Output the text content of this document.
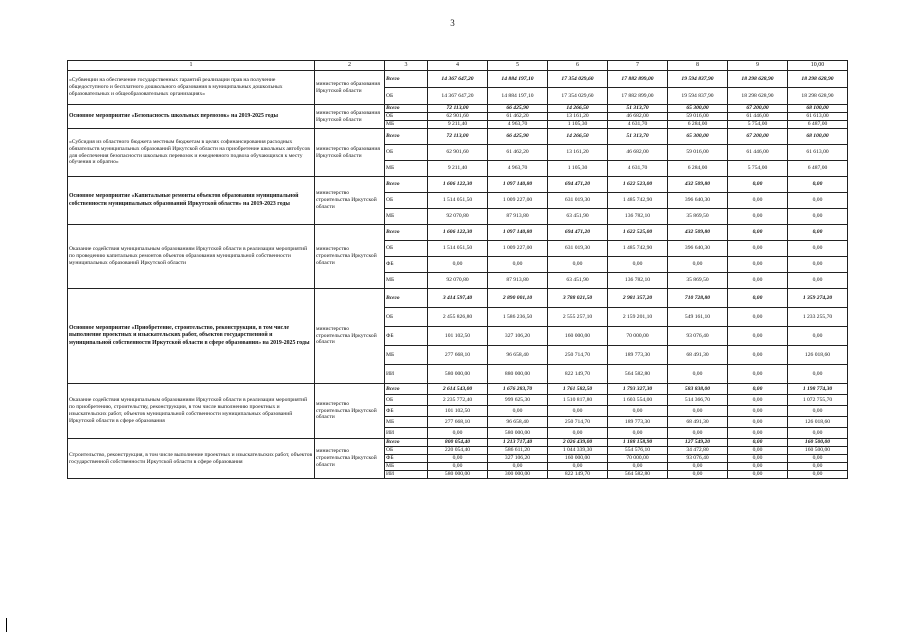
3
1	2	3	4	5	6	7	8	9	10,00
«Субвенции на обеспечение государственных гарантий реализации прав на получение общедоступного и бесплатного дошкольного образования в муниципальных дошкольных образовательных и общеобразовательных организациях»	министерство образования Иркутской области	Всего	14 367 647,20	14 884 197,10	17 354 029,60	17 882 899,00	19 594 837,90	18 298 628,90	18 298 628,90
		ОБ	14 367 647,20	14 884 197,10	17 354 029,60	17 882 899,00	19 594 837,90	18 298 628,90	18 298 628,90
Основное мероприятие «Безопасность школьных перевозок» на 2019-2025 годы	министерство образования Иркутской области	Всего	72 113,00	66 425,90	14 266,50	51 313,70	65 300,00	67 200,00	68 100,00
		ОБ	62 901,60	61 462,20	13 161,20	46 682,00	59 016,00	61 446,00	61 613,00
		МБ	9 211,40	4 963,70	1 105,30	4 631,70	6 284,00	5 754,00	6 487,00
«Субсидия из областного бюджета местным бюджетам в целях софинансирования расходных обязательств муниципальных образований Иркутской области на приобретение школьных автобусов для обеспечения безопасности школьных перевозок и ежедневного подвоза обучающихся к месту обучения и обратно»	министерство образования Иркутской области	Всего	72 113,00	66 425,90	14 266,50	51 313,70	65 300,00	67 200,00	68 100,00
		ОБ	62 901,60	61 462,20	13 161,20	46 682,00	59 016,00	61 446,00	61 613,00
		МБ	9 211,40	4 963,70	1 105,30	4 631,70	6 284,00	5 754,00	6 487,00
Основное мероприятие «Капитальные ремонты объектов образования муниципальной собственности муниципальных образований Иркутской области» на 2019-2023 годы	министерство строительства Иркутской области	Всего	1 606 122,30	1 097 140,80	694 471,20	1 622 523,00	432 509,80	0,00	0,00
		ОБ	1 514 051,50	1 009 227,00	631 019,30	1 485 742,90	396 640,30	0,00	0,00
		МБ	92 070,80	87 913,80	63 451,90	136 782,10	35 869,50	0,00	0,00
Оказание содействия муниципальным образованиям Иркутской области в реализации мероприятий по проведению капитальных ремонтов объектов образования муниципальной собственности муниципальных образований Иркутской области	министерство строительства Иркутской области	Всего	1 606 122,30	1 097 140,80	694 471,20	1 622 525,00	432 509,80	0,00	0,00
		ОБ	1 514 051,50	1 009 227,00	631 019,30	1 485 742,90	396 640,30	0,00	0,00
		ФБ	0,00	0,00	0,00	0,00	0,00	0,00	0,00
		МБ	92 070,80	87 913,80	63 451,90	136 782,10	35 869,50	0,00	0,00
Основное мероприятие «Приобретение, строительство, реконструкция, в том числе выполнение проектных и изыскательских работ, объектов государственной и муниципальной собственности Иркутской области в сфере образования» на 2019-2025 годы	министерство строительства Иркутской области	Всего	3 414 597,40	2 890 001,10	3 788 021,50	2 981 357,20	710 728,80	0,00	1 359 274,20
		ОБ	2 455 826,80	1 586 236,50	2 555 257,10	2 159 201,10	549 161,10	0,00	1 233 255,70
		ФБ	101 102,50	327 106,20	160 000,00	70 000,00	93 076,40	0,00	0,00
		МБ	277 668,10	96 658,40	250 714,70	189 773,30	68 491,30	0,00	126 018,60
		ИИ	580 000,00	880 000,00	822 149,70	564 582,80	0,00	0,00	0,00
Оказание содействия муниципальным образованиям Иркутской области в реализации мероприятий по приобретению, строительству, реконструкции, в том числе выполнению проектных и изыскательских работ, объектов муниципальной собственности муниципальных образований Иркутской области в сфере образования	министерство строительства Иркутской области	Всего	2 614 543,00	1 676 283,70	1 761 582,50	1 793 327,30	583 838,00	0,00	1 198 774,30
		ОБ	2 235 772,40	999 625,30	1 510 817,80	1 603 554,00	514 366,70	0,00	1 072 755,70
		ФБ	101 102,50	0,00	0,00	0,00	0,00	0,00	0,00
		МБ	277 668,10	96 658,40	250 714,70	189 773,30	68 491,30	0,00	126 018,60
		ИИ	0,00	580 000,00	0,00	0,00	0,00	0,00	0,00
Строительство, реконструкция, в том числе выполнение проектных и изыскательских работ, объектов государственной собственности Иркутской области в сфере образования	министерство строительства Иркутской области	Всего	800 054,40	1 213 717,40	2 026 439,00	1 188 158,90	127 549,20	0,00	160 500,00
		ОБ	220 054,40	586 611,20	1 044 339,30	554 576,10	34 472,80	0,00	160 500,00
		ФБ	0,00	327 106,20	160 000,00	70 000,00	93 076,40	0,00	0,00
		МБ	0,00	0,00	0,00	0,00	0,00	0,00	0,00
		ИИ	580 000,00	300 000,00	822 149,70	564 582,80	0,00	0,00	0,00
